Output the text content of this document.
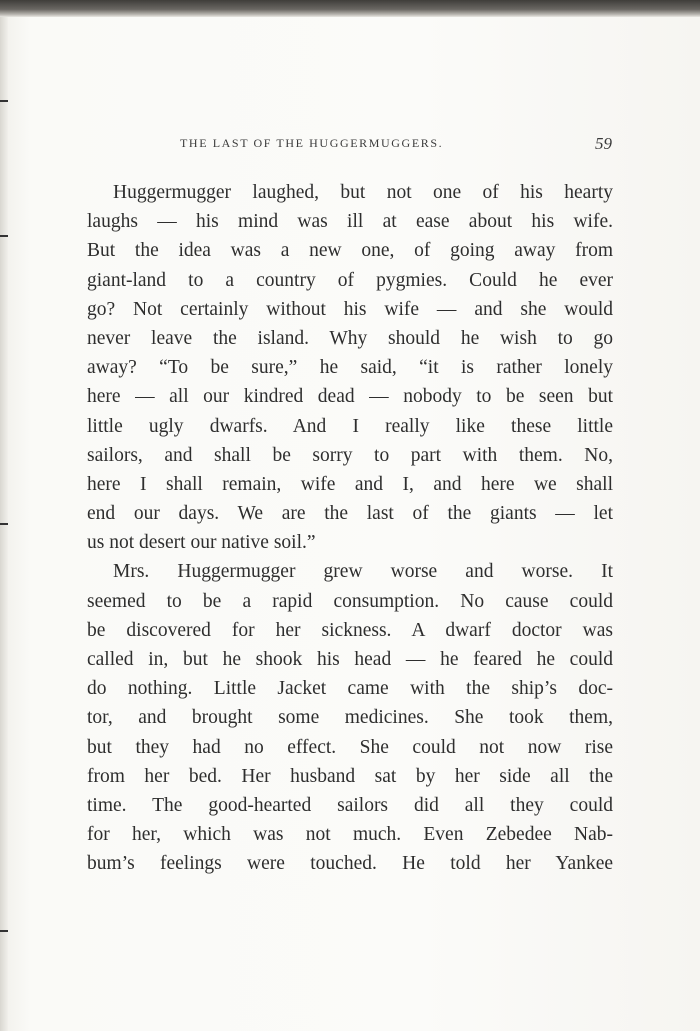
THE LAST OF THE HUGGERMUGGERS.	59
Huggermugger laughed, but not one of his hearty
laughs — his mind was ill at ease about his wife.
But the idea was a new one, of going away from
giant-land to a country of pygmies. Could he ever
go? Not certainly without his wife — and she would
never leave the island. Why should he wish to go
away? “To be sure,” he said, “it is rather lonely
here — all our kindred dead — nobody to be seen but
little ugly dwarfs. And I really like these little
sailors, and shall be sorry to part with them. No,
here I shall remain, wife and I, and here we shall
end our days. We are the last of the giants — let
us not desert our native soil.”
Mrs. Huggermugger grew worse and worse. It
seemed to be a rapid consumption. No cause could
be discovered for her sickness. A dwarf doctor was
called in, but he shook his head — he feared he could
do nothing. Little Jacket came with the ship’s doc-
tor, and brought some medicines. She took them,
but they had no effect. She could not now rise
from her bed. Her husband sat by her side all the
time. The good-hearted sailors did all they could
for her, which was not much. Even Zebedee Nab-
bum’s feelings were touched. He told her Yankee
